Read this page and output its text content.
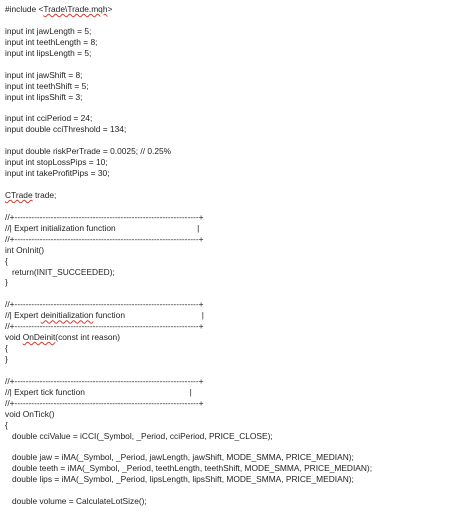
#include <Trade\Trade.mqh>
input int jawLength = 5;
input int teethLength = 8;
input int lipsLength = 5;
input int jawShift = 8;
input int teethShift = 5;
input int lipsShift = 3;
input int cciPeriod = 24;
input double cciThreshold = 134;
input double riskPerTrade = 0.0025; // 0.25%
input int stopLossPips = 10;
input int takeProfitPips = 30;
CTrade trade;
//+------------------------------------------------------------------+
//| Expert initialization function                                   |
//+------------------------------------------------------------------+
int OnInit()
{
return(INIT_SUCCEEDED);
}
//+------------------------------------------------------------------+
//| Expert deinitialization function                                 |
//+------------------------------------------------------------------+
void OnDeinit(const int reason)
{
}
//+------------------------------------------------------------------+
//| Expert tick function                                             |
//+------------------------------------------------------------------+
void OnTick()
{
double cciValue = iCCI(_Symbol, _Period, cciPeriod, PRICE_CLOSE);
double jaw = iMA(_Symbol, _Period, jawLength, jawShift, MODE_SMMA, PRICE_MEDIAN);
double teeth = iMA(_Symbol, _Period, teethLength, teethShift, MODE_SMMA, PRICE_MEDIAN);
double lips = iMA(_Symbol, _Period, lipsLength, lipsShift, MODE_SMMA, PRICE_MEDIAN);
double volume = CalculateLotSize();
